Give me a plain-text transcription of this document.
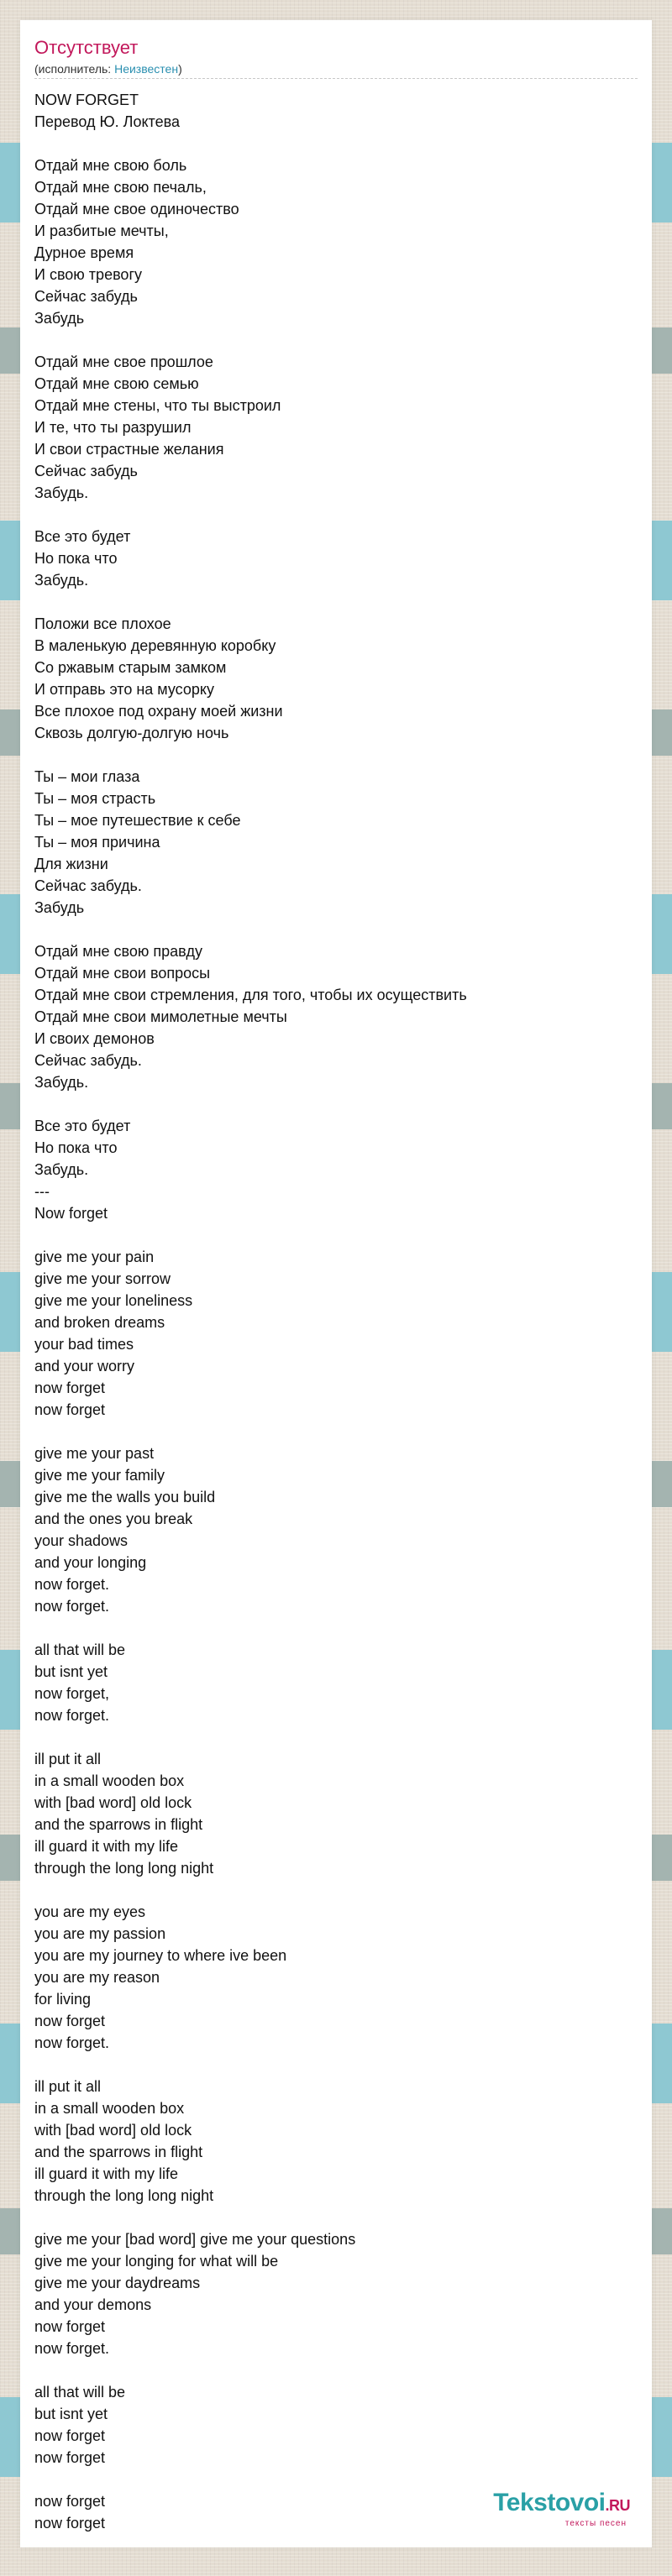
Отсутствует
(исполнитель: Неизвестен)
NOW FORGET
Перевод Ю. Локтева
Отдай мне свою боль
Отдай мне свою печаль,
Отдай мне свое одиночество
И разбитые мечты,
Дурное время
И свою тревогу
Сейчас забудь
Забудь
Отдай мне свое прошлое
Отдай мне свою семью
Отдай мне стены, что ты выстроил
И те, что ты разрушил
И свои страстные желания
Сейчас забудь
Забудь.
Все это будет
Но пока что
Забудь.
Положи все плохое
В маленькую деревянную коробку
Со ржавым старым замком
И отправь это на мусорку
Все плохое под охрану моей жизни
Сквозь долгую-долгую ночь
Ты – мои глаза
Ты – моя страсть
Ты – мое путешествие к себе
Ты – моя причина
Для жизни
Сейчас забудь.
Забудь
Отдай мне свою правду
Отдай мне свои вопросы
Отдай мне свои стремления, для того, чтобы их осуществить
Отдай мне свои мимолетные мечты
И своих демонов
Сейчас забудь.
Забудь.
Все это будет
Но пока что
Забудь.
---
Now forget
give me your pain
give me your sorrow
give me your loneliness
and broken dreams
your bad times
and your worry
now forget
now forget
give me your past
give me your family
give me the walls you build
and the ones you break
your shadows
and your longing
now forget.
now forget.
all that will be
but isnt yet
now forget,
now forget.
ill put it all
in a small wooden box
with [bad word] old lock
and the sparrows in flight
ill guard it with my life
through the long long night
you are my eyes
you are my passion
you are my journey to where ive been
you are my reason
for living
now forget
now forget.
ill put it all
in a small wooden box
with [bad word] old lock
and the sparrows in flight
ill guard it with my life
through the long long night
give me your [bad word] give me your questions
give me your longing for what will be
give me your daydreams
and your demons
now forget
now forget.
all that will be
but isnt yet
now forget
now forget
now forget
now forget
Tekstovoi.RU
тексты песен
